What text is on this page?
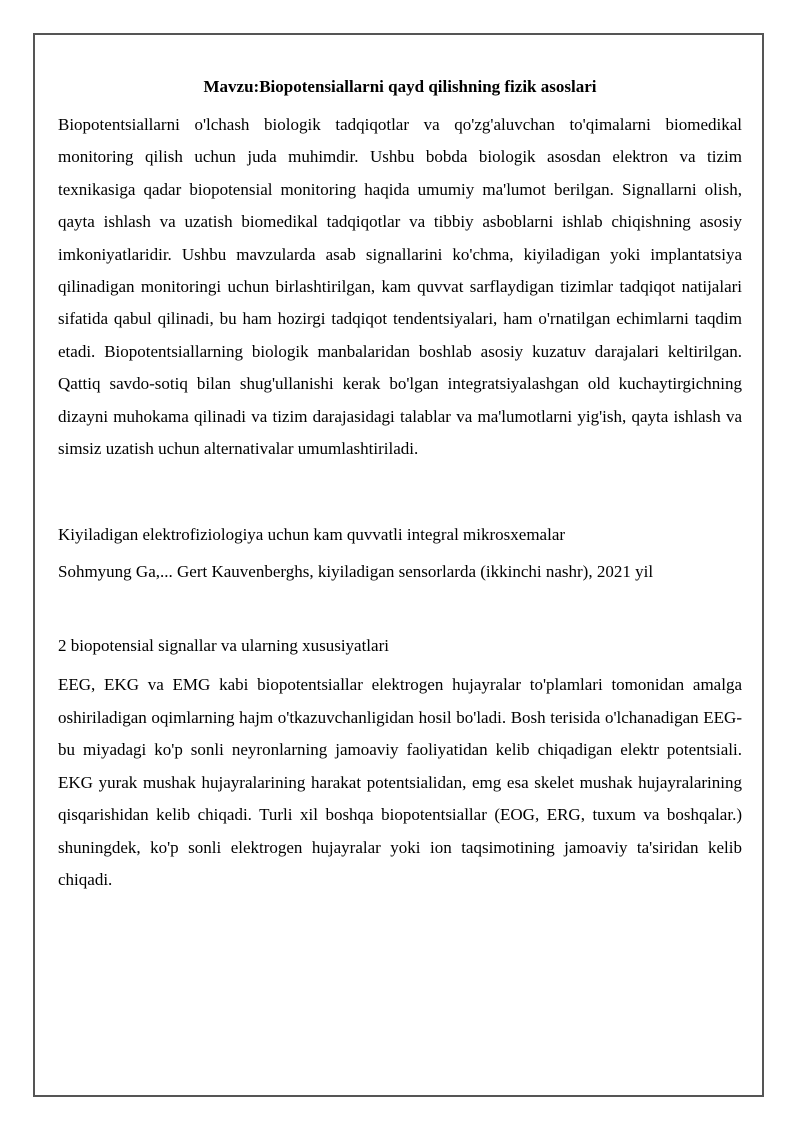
Mavzu:Biopotensiallarni qayd qilishning fizik asoslari

Biopotentsiallarni o'lchash biologik tadqiqotlar va qo'zg'aluvchan to'qimalarni biomedikal monitoring qilish uchun juda muhimdir. Ushbu bobda biologik asosdan elektron va tizim texnikasiga qadar biopotensial monitoring haqida umumiy ma'lumot berilgan. Signallarni olish, qayta ishlash va uzatish biomedikal tadqiqotlar va tibbiy asboblarni ishlab chiqishning asosiy imkoniyatlaridir. Ushbu mavzularda asab signallarini ko'chma, kiyiladigan yoki implantatsiya qilinadigan monitoringi uchun birlashtirilgan, kam quvvat sarflaydigan tizimlar tadqiqot natijalari sifatida qabul qilinadi, bu ham hozirgi tadqiqot tendentsiyalari, ham o'rnatilgan echimlarni taqdim etadi. Biopotentsiallarning biologik manbalaridan boshlab asosiy kuzatuv darajalari keltirilgan. Qattiq savdo-sotiq bilan shug'ullanishi kerak bo'lgan integratsiyalashgan old kuchaytirgichning dizayni muhokama qilinadi va tizim darajasidagi talablar va ma'lumotlarni yig'ish, qayta ishlash va simsiz uzatish uchun alternativalar umumlashtiriladi.

Kiyiladigan elektrofiziologiya uchun kam quvvatli integral mikrosxemalar

Sohmyung Ga,... Gert Kauvenberghs, kiyiladigan sensorlarda (ikkinchi nashr), 2021 yil

2 biopotensial signallar va ularning xususiyatlari

EEG, EKG va EMG kabi biopotentsiallar elektrogen hujayralar to'plamlari tomonidan amalga oshiriladigan oqimlarning hajm o'tkazuvchanligidan hosil bo'ladi. Bosh terisida o'lchanadigan EEG-bu miyadagi ko'p sonli neyronlarning jamoaviy faoliyatidan kelib chiqadigan elektr potentsiali. EKG yurak mushak hujayralarining harakat potentsialidan, emg esa skelet mushak hujayralarining qisqarishidan kelib chiqadi. Turli xil boshqa biopotentsiallar (EOG, ERG, tuxum va boshqalar.) shuningdek, ko'p sonli elektrogen hujayralar yoki ion taqsimotining jamoaviy ta'siridan kelib chiqadi.
